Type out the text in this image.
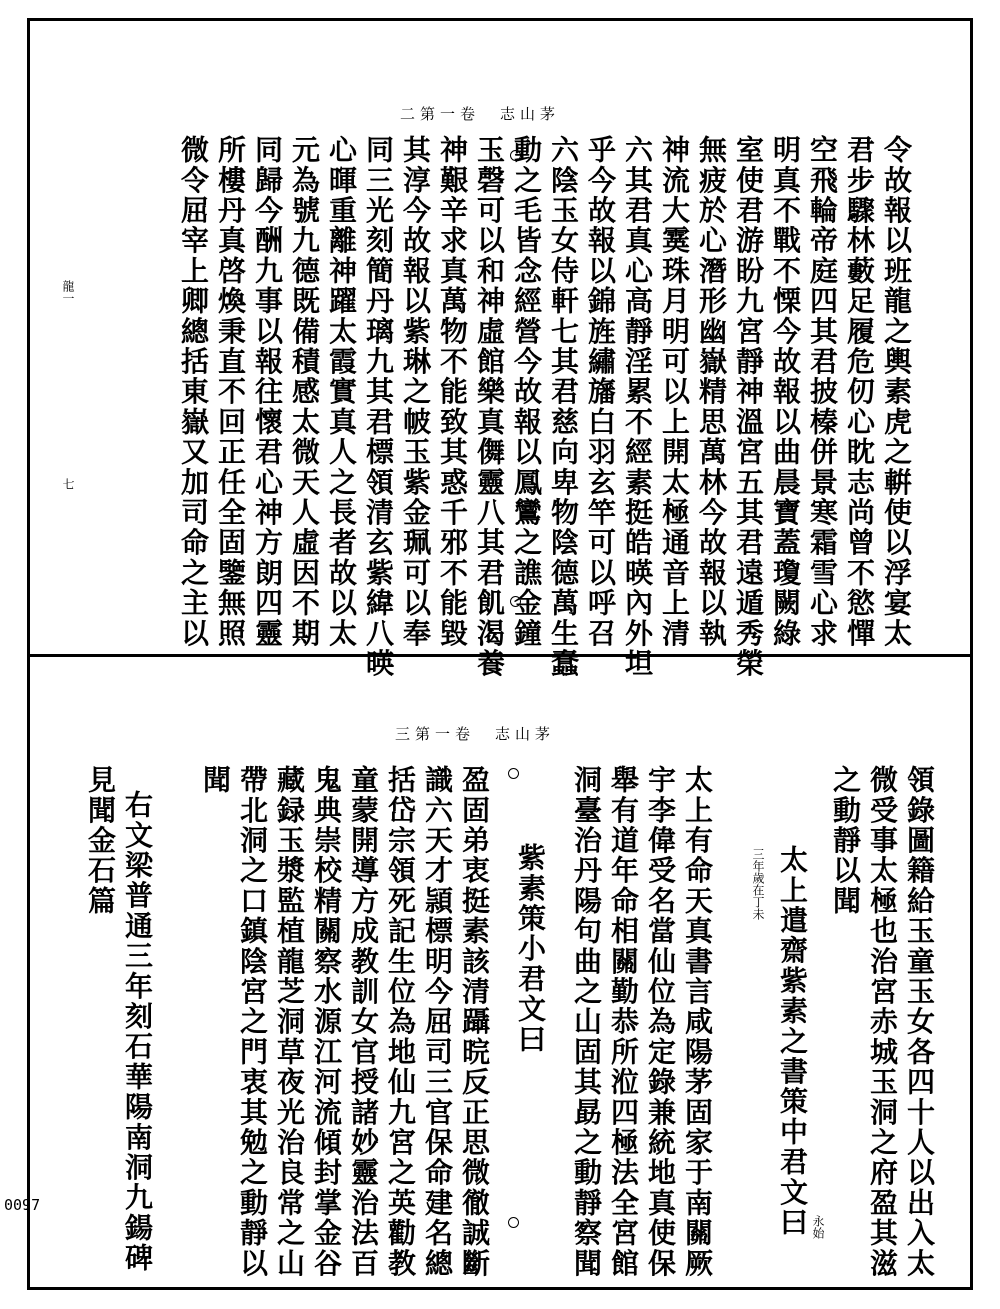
二第一卷　志山茅
君步驟林藪足履危仞心眈志尚曾不慾憚 令故報以班龍之輿素虎之輧使以浮宴太
空飛輪帝庭四其君披榛併景寒霜雪心求
明真不戰不慄今故報以曲晨寶蓋瓊闕綠
室使君游盼九宮靜神溫宮五其君遠遁秀榮
無疲於心潛形幽嶽精思萬林今故報以執
神流大霙珠月明可以上開太極通音上清
六其君真心高靜淫累不經素挺皓暎內外坦
乎今故報以錦旌繡旛白羽玄竿可以呼召
六陰玉女侍軒七其君慈向卑物陰德萬生蠢
動之毛皆念經營今故報以鳳鸞之譙金鐘
玉磬可以和神虛館樂真儛靈八其君飢渴養
神艱辛求真萬物不能致其惑千邪不能毀
其淳今故報以紫琳之帔玉紫金珮可以奉
同三光刻簡丹璃九其君標領清玄紫緯八暎
心暉重離神躍太霞實真人之長者故以太
元為號九德既備積感太微天人虛因不期
同歸今酬九事以報往懷君心神方朗四靈
所樓丹真啓煥秉直不回正任全固鑒無照
微令屈宰上卿總括東嶽又加司命之主以
龍一
七
三第一卷　志山茅
領錄圖籍給玉童玉女各四十人以出入太
微受事太極也治宮赤城玉洞之府盈其滋
之動靜以聞
太上遣齋紫素之書策中君文曰
太上有命天真書言咸陽茅固家于南關厥
宇李偉受名當仙位為定錄兼統地真使保
舉有道年命相關勤恭所涖四極法全宮館
洞臺治丹陽句曲之山固其勗之動靜察聞
紫素策小君文曰
盈固弟衷挺素該清躡晥反正思微徹誠斷
識六天才頴標明今屈司三官保命建名總
括岱宗領死記生位為地仙九宮之英勸教
童蒙開導方成教訓女官授諸妙靈治法百
鬼典崇校精關察水源江河流傾封掌金谷
藏録玉漿監植龍芝洞草夜光治良常之山
帶北洞之口鎮陰宮之門衷其勉之動靜以
聞
右文梁普通三年刻石華陽南洞九鍚碑
見聞金石篇
永始
三年歲在丁未
0097
